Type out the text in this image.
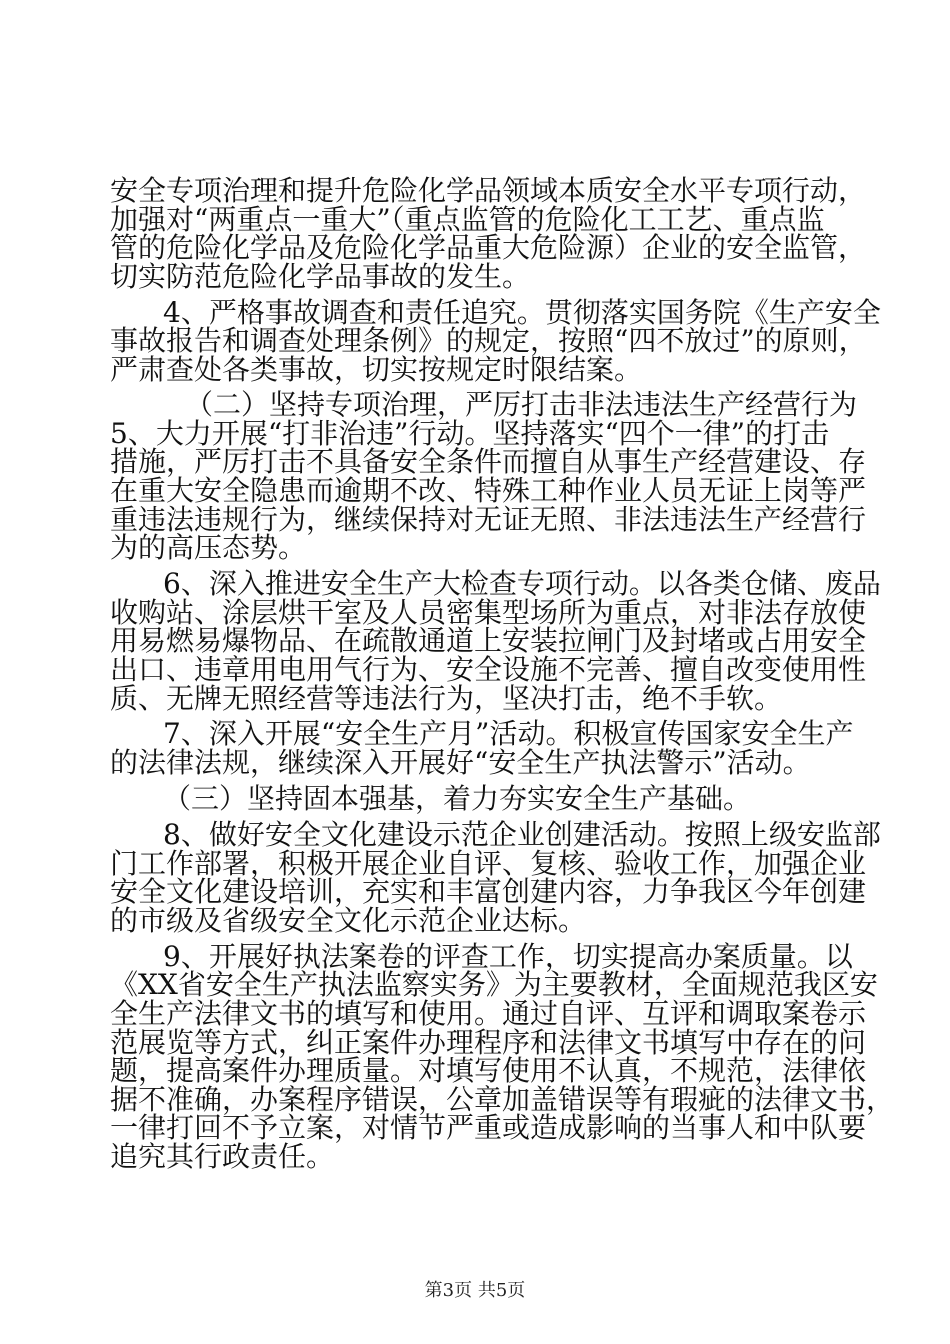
安全专项治理和提升危险化学品领域本质安全水平专项行动，
加强对“两重点一重大”（重点监管的危险化工工艺、重点监
管的危险化学品及危险化学品重大危险源）企业的安全监管，
切实防范危险化学品事故的发生。
4、严格事故调查和责任追究。贯彻落实国务院《生产安全
事故报告和调查处理条例》的规定，按照“四不放过”的原则，
严肃查处各类事故，切实按规定时限结案。
（二）坚持专项治理，严厉打击非法违法生产经营行为
5、大力开展“打非治违”行动。坚持落实“四个一律”的打击
措施，严厉打击不具备安全条件而擅自从事生产经营建设、存
在重大安全隐患而逾期不改、特殊工种作业人员无证上岗等严
重违法违规行为，继续保持对无证无照、非法违法生产经营行
为的高压态势。
6、深入推进安全生产大检查专项行动。以各类仓储、废品
收购站、涂层烘干室及人员密集型场所为重点，对非法存放使
用易燃易爆物品、在疏散通道上安装拉闸门及封堵或占用安全
出口、违章用电用气行为、安全设施不完善、擅自改变使用性
质、无牌无照经营等违法行为，坚决打击，绝不手软。
7、深入开展“安全生产月”活动。积极宣传国家安全生产
的法律法规，继续深入开展好“安全生产执法警示”活动。
（三）坚持固本强基，着力夯实安全生产基础。
8、做好安全文化建设示范企业创建活动。按照上级安监部
门工作部署，积极开展企业自评、复核、验收工作，加强企业
安全文化建设培训，充实和丰富创建内容，力争我区今年创建
的市级及省级安全文化示范企业达标。
9、开展好执法案卷的评查工作，切实提高办案质量。以
《XX省安全生产执法监察实务》为主要教材，全面规范我区安
全生产法律文书的填写和使用。通过自评、互评和调取案卷示
范展览等方式，纠正案件办理程序和法律文书填写中存在的问
题，提高案件办理质量。对填写使用不认真，不规范，法律依
据不准确，办案程序错误，公章加盖错误等有瑕疵的法律文书，
一律打回不予立案，对情节严重或造成影响的当事人和中队要
追究其行政责任。
第3页 共5页
